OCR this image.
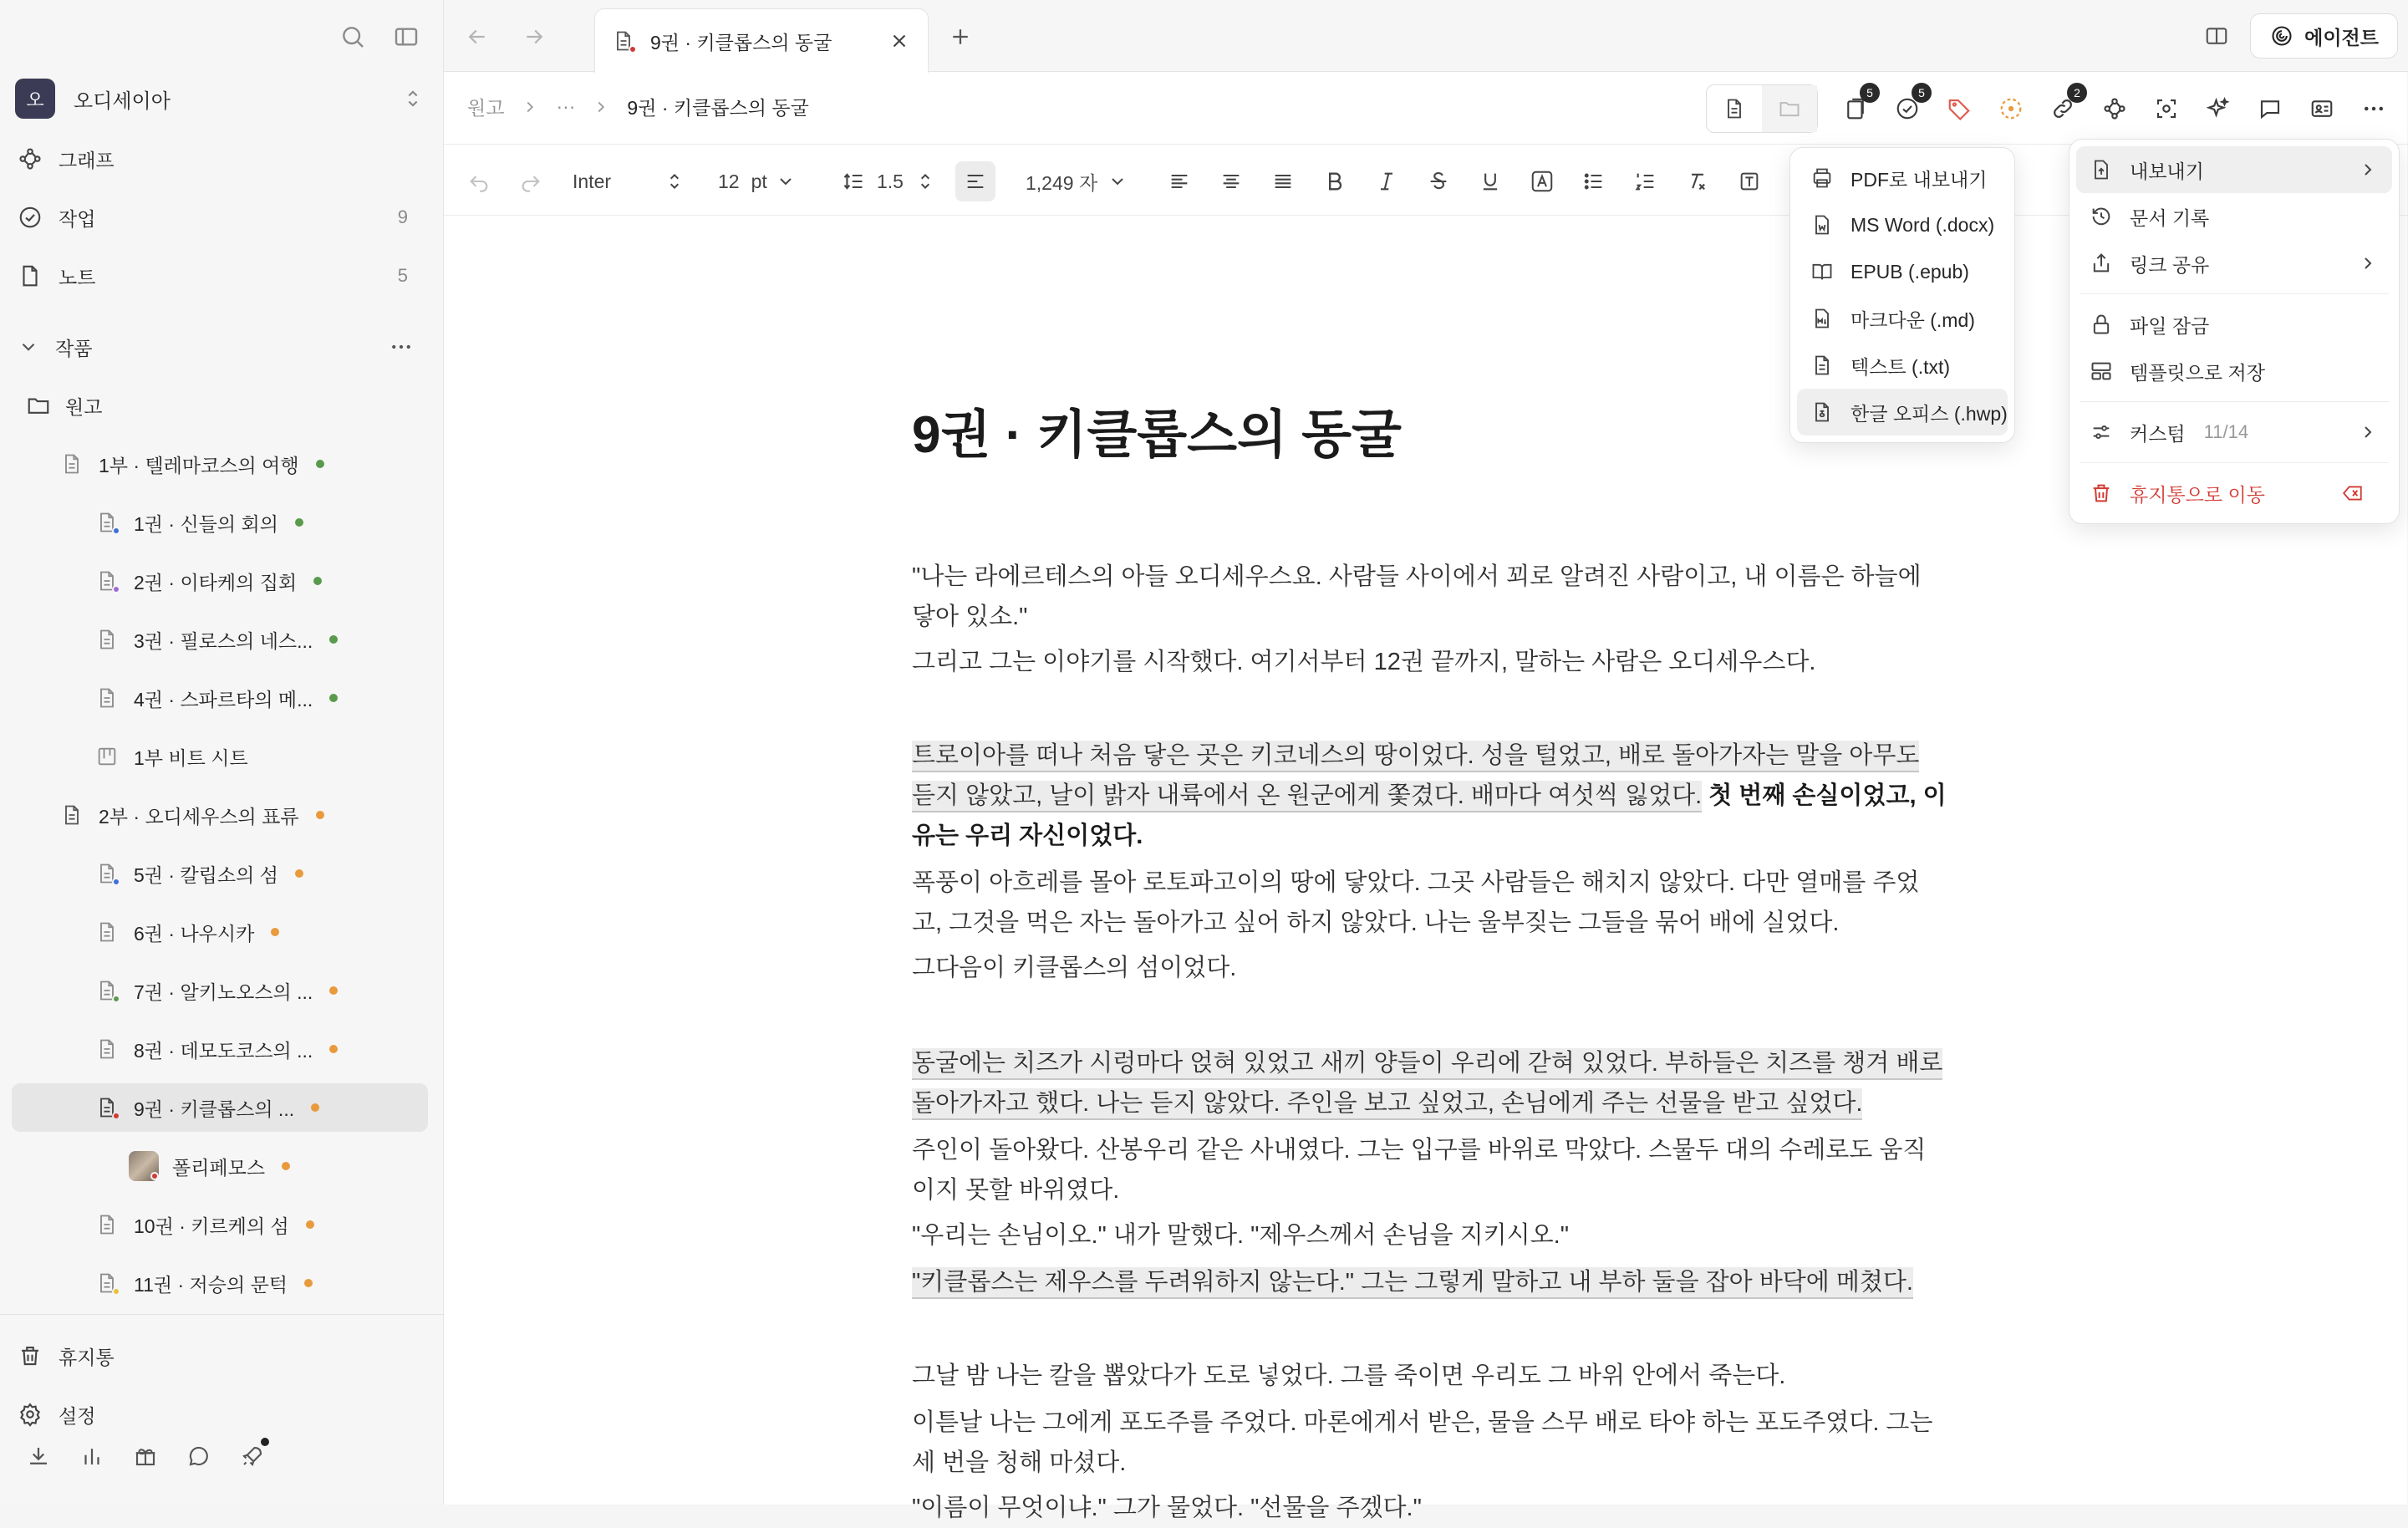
오	오디세이아
그래프
작업	9
노트	5
작품
원고
1부 · 텔레마코스의 여행
1권 · 신들의 회의
2권 · 이타케의 집회
3권 · 필로스의 네스...
4권 · 스파르타의 메...
1부 비트 시트
2부 · 오디세우스의 표류
5권 · 칼립소의 섬
6권 · 나우시카
7권 · 알키노오스의 ...
8권 · 데모도코스의 ...
9권 · 키클롭스의 ...
폴리페모스
10권 · 키르케의 섬
11권 · 저승의 문턱
휴지통
설정
9권 · 키클롭스의 동굴	에이전트
원고	···	9권 · 키클롭스의 동굴
5	5	2
Inter	12 pt	1.5	1,249 자
9권 · 키클롭스의 동굴
"나는 라에르테스의 아들 오디세우스요. 사람들 사이에서 꾀로 알려진 사람이고, 내 이름은 하늘에 닿아 있소."
그리고 그는 이야기를 시작했다. 여기서부터 12권 끝까지, 말하는 사람은 오디세우스다.
트로이아를 떠나 처음 닿은 곳은 키코네스의 땅이었다. 성을 털었고, 배로 돌아가자는 말을 아무도 듣지 않았고, 날이 밝자 내륙에서 온 원군에게 쫓겼다. 배마다 여섯씩 잃었다. 첫 번째 손실이었고, 이유는 우리 자신이었다.
폭풍이 아흐레를 몰아 로토파고이의 땅에 닿았다. 그곳 사람들은 해치지 않았다. 다만 열매를 주었고, 그것을 먹은 자는 돌아가고 싶어 하지 않았다. 나는 울부짖는 그들을 묶어 배에 실었다.
그다음이 키클롭스의 섬이었다.
동굴에는 치즈가 시렁마다 얹혀 있었고 새끼 양들이 우리에 갇혀 있었다. 부하들은 치즈를 챙겨 배로 돌아가자고 했다. 나는 듣지 않았다. 주인을 보고 싶었고, 손님에게 주는 선물을 받고 싶었다.
주인이 돌아왔다. 산봉우리 같은 사내였다. 그는 입구를 바위로 막았다. 스물두 대의 수레로도 움직이지 못할 바위였다.
"우리는 손님이오." 내가 말했다. "제우스께서 손님을 지키시오."
"키클롭스는 제우스를 두려워하지 않는다." 그는 그렇게 말하고 내 부하 둘을 잡아 바닥에 메쳤다.
그날 밤 나는 칼을 뽑았다가 도로 넣었다. 그를 죽이면 우리도 그 바위 안에서 죽는다.
이튿날 나는 그에게 포도주를 주었다. 마론에게서 받은, 물을 스무 배로 타야 하는 포도주였다. 그는 세 번을 청해 마셨다.
"이름이 무엇이냐." 그가 물었다. "선물을 주겠다."
PDF로 내보내기
MS Word (.docx)
EPUB (.epub)
마크다운 (.md)
텍스트 (.txt)
한글 오피스 (.hwp)
내보내기
문서 기록
링크 공유
파일 잠금
템플릿으로 저장
커스텀 11/14
휴지통으로 이동
